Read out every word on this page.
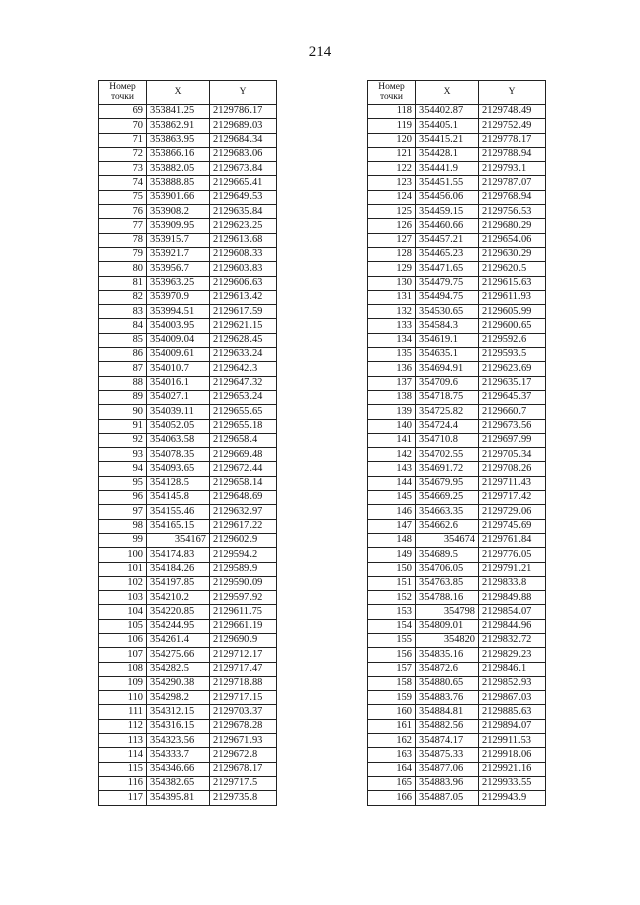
214
Номер
точки	X	Y
69	353841.25	2129786.17
70	353862.91	2129689.03
71	353863.95	2129684.34
72	353866.16	2129683.06
73	353882.05	2129673.84
74	353888.85	2129665.41
75	353901.66	2129649.53
76	353908.2	2129635.84
77	353909.95	2129623.25
78	353915.7	2129613.68
79	353921.7	2129608.33
80	353956.7	2129603.83
81	353963.25	2129606.63
82	353970.9	2129613.42
83	353994.51	2129617.59
84	354003.95	2129621.15
85	354009.04	2129628.45
86	354009.61	2129633.24
87	354010.7	2129642.3
88	354016.1	2129647.32
89	354027.1	2129653.24
90	354039.11	2129655.65
91	354052.05	2129655.18
92	354063.58	2129658.4
93	354078.35	2129669.48
94	354093.65	2129672.44
95	354128.5	2129658.14
96	354145.8	2129648.69
97	354155.46	2129632.97
98	354165.15	2129617.22
99	354167	2129602.9
100	354174.83	2129594.2
101	354184.26	2129589.9
102	354197.85	2129590.09
103	354210.2	2129597.92
104	354220.85	2129611.75
105	354244.95	2129661.19
106	354261.4	2129690.9
107	354275.66	2129712.17
108	354282.5	2129717.47
109	354290.38	2129718.88
110	354298.2	2129717.15
111	354312.15	2129703.37
112	354316.15	2129678.28
113	354323.56	2129671.93
114	354333.7	2129672.8
115	354346.66	2129678.17
116	354382.65	2129717.5
117	354395.81	2129735.8
Номер
точки	X	Y
118	354402.87	2129748.49
119	354405.1	2129752.49
120	354415.21	2129778.17
121	354428.1	2129788.94
122	354441.9	2129793.1
123	354451.55	2129787.07
124	354456.06	2129768.94
125	354459.15	2129756.53
126	354460.66	2129680.29
127	354457.21	2129654.06
128	354465.23	2129630.29
129	354471.65	2129620.5
130	354479.75	2129615.63
131	354494.75	2129611.93
132	354530.65	2129605.99
133	354584.3	2129600.65
134	354619.1	2129592.6
135	354635.1	2129593.5
136	354694.91	2129623.69
137	354709.6	2129635.17
138	354718.75	2129645.37
139	354725.82	2129660.7
140	354724.4	2129673.56
141	354710.8	2129697.99
142	354702.55	2129705.34
143	354691.72	2129708.26
144	354679.95	2129711.43
145	354669.25	2129717.42
146	354663.35	2129729.06
147	354662.6	2129745.69
148	354674	2129761.84
149	354689.5	2129776.05
150	354706.05	2129791.21
151	354763.85	2129833.8
152	354788.16	2129849.88
153	354798	2129854.07
154	354809.01	2129844.96
155	354820	2129832.72
156	354835.16	2129829.23
157	354872.6	2129846.1
158	354880.65	2129852.93
159	354883.76	2129867.03
160	354884.81	2129885.63
161	354882.56	2129894.07
162	354874.17	2129911.53
163	354875.33	2129918.06
164	354877.06	2129921.16
165	354883.96	2129933.55
166	354887.05	2129943.9
